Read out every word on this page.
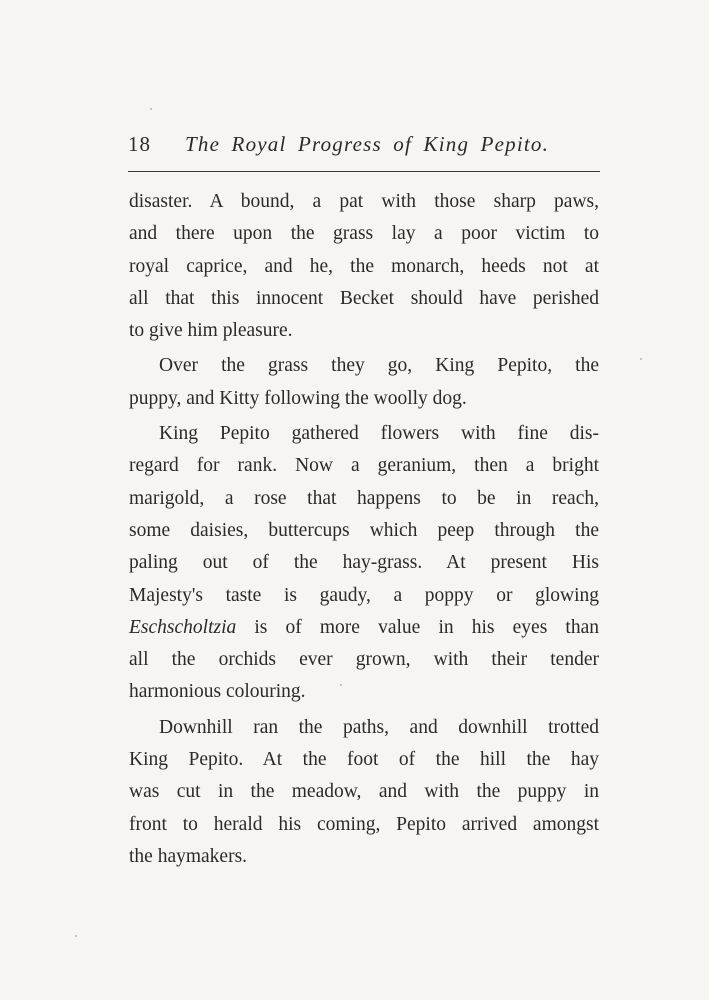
18 The Royal Progress of King Pepito.
disaster. A bound, a pat with those sharp paws,
and there upon the grass lay a poor victim to
royal caprice, and he, the monarch, heeds not at
all that this innocent Becket should have perished
to give him pleasure.
Over the grass they go, King Pepito, the
puppy, and Kitty following the woolly dog.
King Pepito gathered flowers with fine dis-
regard for rank. Now a geranium, then a bright
marigold, a rose that happens to be in reach,
some daisies, buttercups which peep through the
paling out of the hay-grass. At present His
Majesty's taste is gaudy, a poppy or glowing
Eschscholtzia is of more value in his eyes than
all the orchids ever grown, with their tender
harmonious colouring.
Downhill ran the paths, and downhill trotted
King Pepito. At the foot of the hill the hay
was cut in the meadow, and with the puppy in
front to herald his coming, Pepito arrived amongst
the haymakers.
